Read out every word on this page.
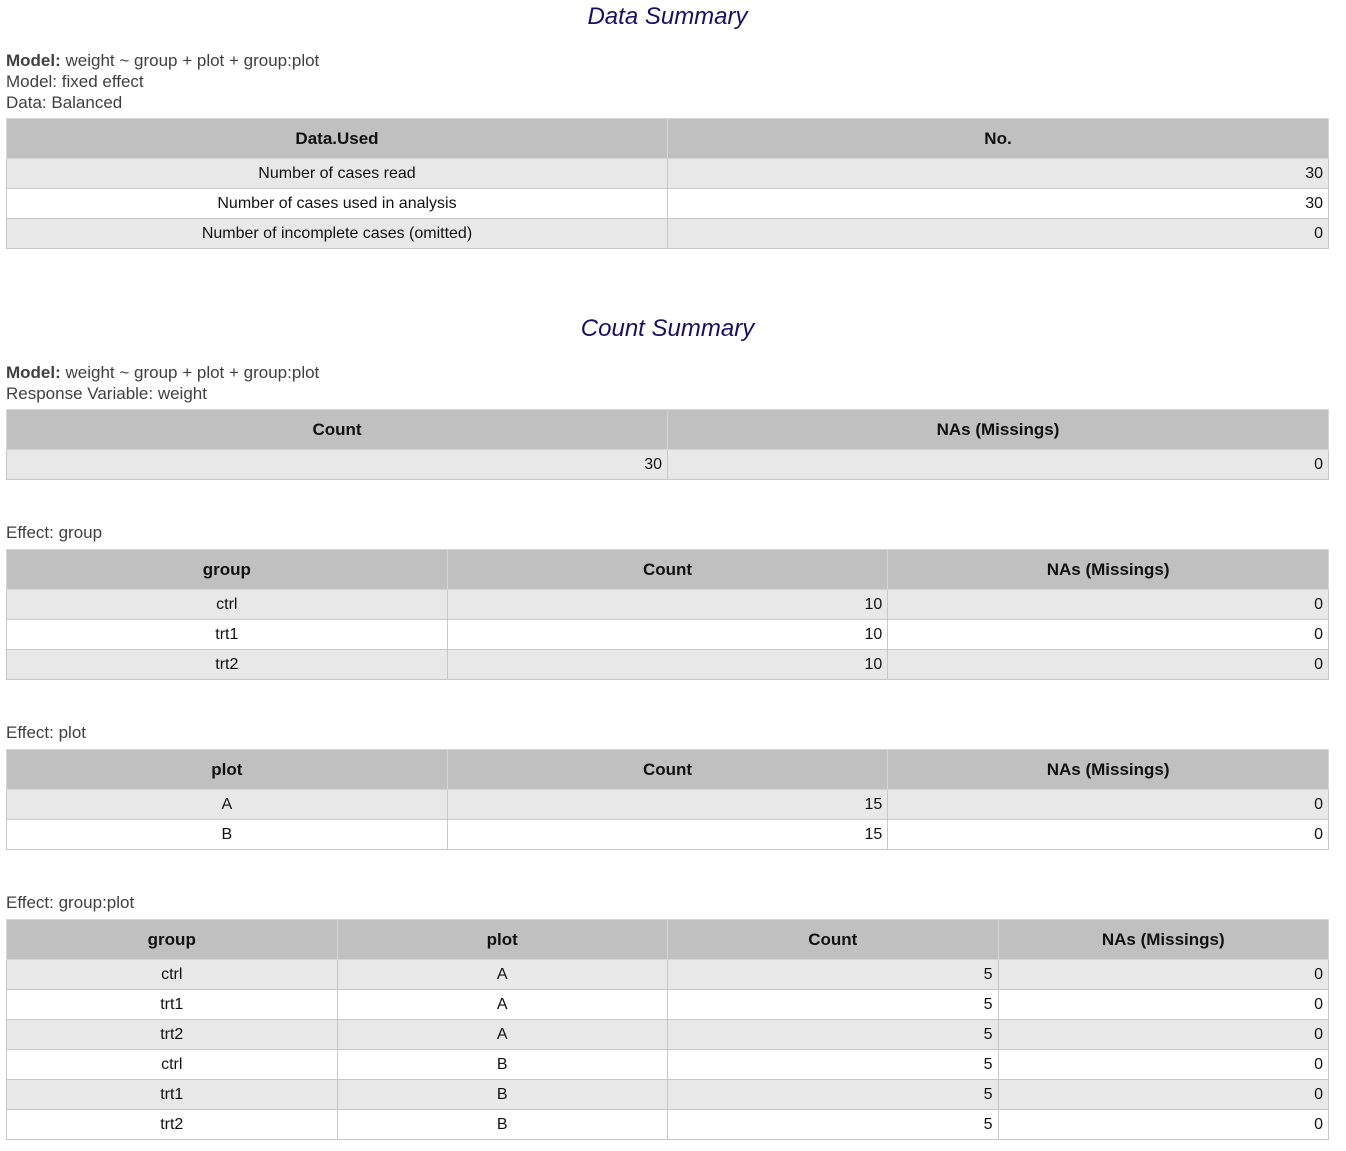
Data Summary
Model: weight ~ group + plot + group:plot
Model: fixed effect
Data: Balanced
Data.Used	No.
Number of cases read	30
Number of cases used in analysis	30
Number of incomplete cases (omitted)	0
Count Summary
Model: weight ~ group + plot + group:plot
Response Variable: weight
Count	NAs (Missings)
30	0
Effect: group
group	Count	NAs (Missings)
ctrl	10	0
trt1	10	0
trt2	10	0
Effect: plot
plot	Count	NAs (Missings)
A	15	0
B	15	0
Effect: group:plot
group	plot	Count	NAs (Missings)
ctrl	A	5	0
trt1	A	5	0
trt2	A	5	0
ctrl	B	5	0
trt1	B	5	0
trt2	B	5	0
